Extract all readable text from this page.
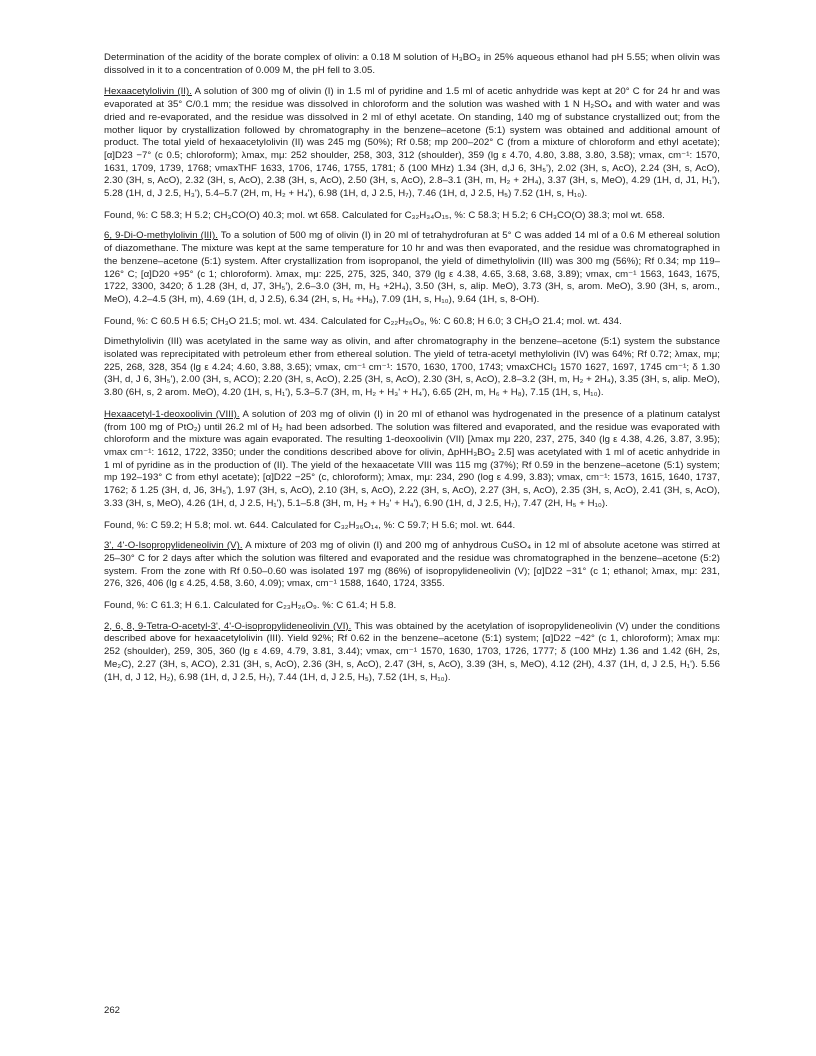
Determination of the acidity of the borate complex of olivin: a 0.18 M solution of H₃BO₃ in 25% aqueous ethanol had pH 5.55; when olivin was dissolved in it to a concentration of 0.009 M, the pH fell to 3.05.

Hexaacetylolivin (II). A solution of 300 mg of olivin (I) in 1.5 ml of pyridine and 1.5 ml of acetic anhydride was kept at 20° C for 24 hr and was evaporated at 35° C/0.1 mm; the residue was dissolved in chloroform and the solution was washed with 1 N H₂SO₄ and with water and was dried and re-evaporated, and the residue was dissolved in 2 ml of ethyl acetate. On standing, 140 mg of substance crystallized out; from the mother liquor by crystallization followed by chromatography in the benzene–acetone (5:1) system was obtained and additional amount of product. The total yield of hexaacetylolivin (II) was 245 mg (50%); Rf 0.58; mp 200–202° C (from a mixture of chloroform and ethyl acetate); [α]D23 −7° (c 0.5; chloroform); λmax, mμ: 252 shoulder, 258, 303, 312 (shoulder), 359 (lg ε 4.70, 4.80, 3.88, 3.80, 3.58); νmax, cm⁻¹: 1570, 1631, 1709, 1739, 1768; νmaxTHF 1633, 1706, 1746, 1755, 1781; δ (100 MHz) 1.34 (3H, d,J 6, 3H₅'), 2.02 (3H, s, AcO), 2.24 (3H, s, AcO), 2.30 (3H, s, AcO), 2.32 (3H, s, AcO), 2.38 (3H, s, AcO), 2.50 (3H, s, AcO), 2.8–3.1 (3H, m, H₂ + 2H₄), 3.37 (3H, s, MeO), 4.29 (1H, d, J1, H₁'), 5.28 (1H, d, J 2.5, H₃'), 5.4–5.7 (2H, m, H₂ + H₄'), 6.98 (1H, d, J 2.5, H₇), 7.46 (1H, d, J 2.5, H₅) 7.52 (1H, s, H₁₀).

Found, %: C 58.3; H 5.2; CH₃CO(O) 40.3; mol. wt 658. Calculated for C₃₂H₃₄O₁₅, %: C 58.3; H 5.2; 6 CH₃CO(O) 38.3; mol wt. 658.

6, 9-Di-O-methylolivin (III). To a solution of 500 mg of olivin (I) in 20 ml of tetrahydrofuran at 5° C was added 14 ml of a 0.6 M ethereal solution of diazomethane. The mixture was kept at the same temperature for 10 hr and was then evaporated, and the residue was chromatographed in the benzene–acetone (5:1) system. After crystallization from isopropanol, the yield of dimethylolivin (III) was 300 mg (56%); Rf 0.34; mp 119–126° C; [α]D20 +95° (c 1; chloroform). λmax, mμ: 225, 275, 325, 340, 379 (lg ε 4.38, 4.65, 3.68, 3.68, 3.89); νmax, cm⁻¹ 1563, 1643, 1675, 1722, 3300, 3420; δ 1.28 (3H, d, J7, 3H₅'), 2.6–3.0 (3H, m, H₃ +2H₄), 3.50 (3H, s, alip. MeO), 3.73 (3H, s, arom. MeO), 3.90 (3H, s, arom., MeO), 4.2–4.5 (3H, m), 4.69 (1H, d, J 2.5), 6.34 (2H, s, H₆ +H₈), 7.09 (1H, s, H₁₀), 9.64 (1H, s, 8-OH).

Found, %: C 60.5 H 6.5; CH₃O 21.5; mol. wt. 434. Calculated for C₂₂H₂₆O₉, %: C 60.8; H 6.0; 3 CH₃O 21.4; mol. wt. 434.

Dimethylolivin (III) was acetylated in the same way as olivin, and after chromatography in the benzene–acetone (5:1) system the substance isolated was reprecipitated with petroleum ether from ethereal solution. The yield of tetra-acetyl methylolivin (IV) was 64%; Rf 0.72; λmax, mμ; 225, 268, 328, 354 (lg ε 4.24; 4.60, 3.88, 3.65); νmax, cm⁻¹ cm⁻¹: 1570, 1630, 1700, 1743; νmaxCHCl₃ 1570 1627, 1697, 1745 cm⁻¹; δ 1.30 (3H, d, J 6, 3H₅'), 2.00 (3H, s, ACO); 2.20 (3H, s, AcO), 2.25 (3H, s, AcO), 2.30 (3H, s, AcO), 2.8–3.2 (3H, m, H₂ + 2H₄), 3.35 (3H, s, alip. MeO), 3.80 (6H, s, 2 arom. MeO), 4.20 (1H, s, H₁'), 5.3–5.7 (3H, m, H₂ + H₃' + H₄'), 6.65 (2H, m, H₆ + H₈), 7.15 (1H, s, H₁₀).

Hexaacetyl-1-deoxoolivin (VIII). A solution of 203 mg of olivin (I) in 20 ml of ethanol was hydrogenated in the presence of a platinum catalyst (from 100 mg of PtO₂) until 26.2 ml of H₂ had been adsorbed. The solution was filtered and evaporated, and the residue was evaporated with chloroform and the mixture was again evaporated. The resulting 1-deoxoolivin (VII) [λmax mμ 220, 237, 275, 340 (lg ε 4.38, 4.26, 3.87, 3.95); νmax cm⁻¹: 1612, 1722, 3350; under the conditions described above for olivin, ΔpHH₃BO₃ 2.5] was acetylated with 1 ml of acetic anhydride in 1 ml of pyridine as in the production of (II). The yield of the hexaacetate VIII was 115 mg (37%); Rf 0.59 in the benzene–acetone (5:1) system; mp 192–193° C from ethyl acetate); [α]D22 −25° (c, chloroform); λmax, mμ: 234, 290 (log ε 4.99, 3.83); νmax, cm⁻¹: 1573, 1615, 1640, 1737, 1762; δ 1.25 (3H, d, J6, 3H₅'), 1.97 (3H, s, AcO), 2.10 (3H, s, AcO), 2.22 (3H, s, AcO), 2.27 (3H, s, AcO), 2.35 (3H, s, AcO), 2.41 (3H, s, AcO), 3.33 (3H, s, MeO), 4.26 (1H, d, J 2.5, H₁'), 5.1–5.8 (3H, m, H₂ + H₃' + H₄'), 6.90 (1H, d, J 2.5, H₇), 7.47 (2H, H₅ + H₁₀).

Found, %: C 59.2; H 5.8; mol. wt. 644. Calculated for C₃₂H₃₆O₁₄, %: C 59.7; H 5.6; mol. wt. 644.

3', 4'-O-Isopropylideneolivin (V). A mixture of 203 mg of olivin (I) and 200 mg of anhydrous CuSO₄ in 12 ml of absolute acetone was stirred at 25–30° C for 2 days after which the solution was filtered and evaporated and the residue was chromatographed in the benzene–acetone (5:2) system. From the zone with Rf 0.50–0.60 was isolated 197 mg (86%) of isopropylideneolivin (V); [α]D22 −31° (c 1; ethanol; λmax, mμ: 231, 276, 326, 406 (lg ε 4.25, 4.58, 3.60, 4.09); νmax, cm⁻¹ 1588, 1640, 1724, 3355.

Found, %: C 61.3; H 6.1. Calculated for C₂₃H₂₆O₉. %: C 61.4; H 5.8.

2, 6, 8, 9-Tetra-O-acetyl-3', 4'-O-isopropylideneolivin (VI). This was obtained by the acetylation of isopropylideneolivin (V) under the conditions described above for hexaacetylolivin (III). Yield 92%; Rf 0.62 in the benzene–acetone (5:1) system; [α]D22 −42° (c 1, chloroform); λmax mμ: 252 (shoulder), 259, 305, 360 (lg ε 4.69, 4.79, 3.81, 3.44); νmax, cm⁻¹ 1570, 1630, 1703, 1726, 1777; δ (100 MHz) 1.36 and 1.42 (6H, 2s, Me₂C), 2.27 (3H, s, ACO), 2.31 (3H, s, AcO), 2.36 (3H, s, AcO), 2.47 (3H, s, AcO), 3.39 (3H, s, MeO), 4.12 (2H), 4.37 (1H, d, J 2.5, H₁'). 5.56 (1H, d, J 12, H₂), 6.98 (1H, d, J 2.5, H₇), 7.44 (1H, d, J 2.5, H₅), 7.52 (1H, s, H₁₀).

262
